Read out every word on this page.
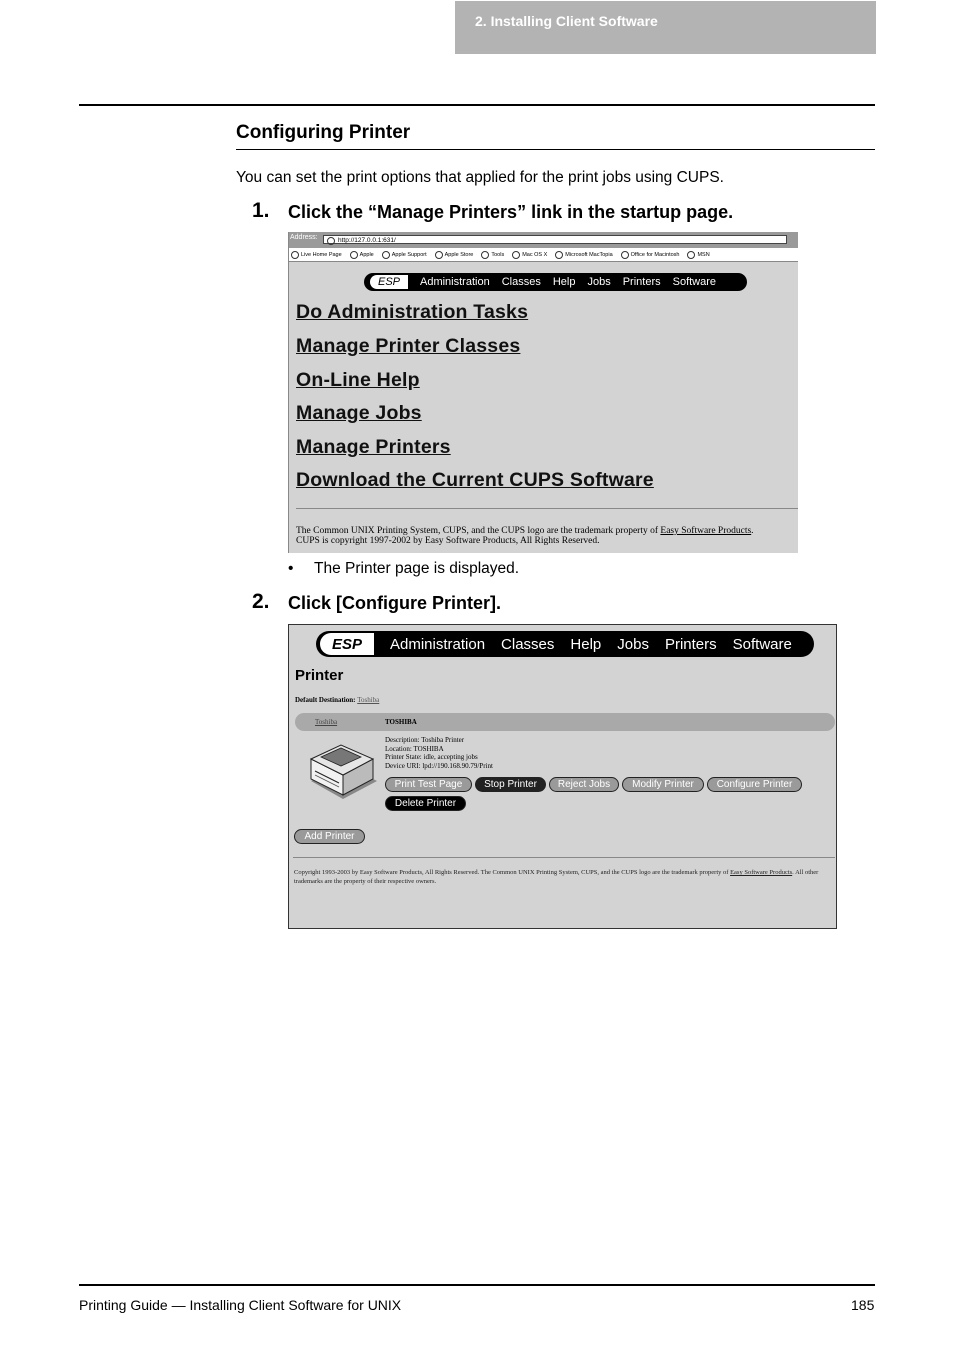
2. Installing Client Software
Configuring Printer
You can set the print options that applied for the print jobs using CUPS.
1. Click the “Manage Printers” link in the startup page.
Address:	http://127.0.0.1:631/
Live Home Page	Apple	Apple Support	Apple Store	Tools	Mac OS X	Microsoft MacTopia	Office for Macintosh	MSN
ESP	Administration Classes Help Jobs Printers Software
Do Administration Tasks
Manage Printer Classes
On-Line Help
Manage Jobs
Manage Printers
Download the Current CUPS Software
The Common UNIX Printing System, CUPS, and the CUPS logo are the trademark property of Easy Software Products.
CUPS is copyright 1997-2002 by Easy Software Products, All Rights Reserved.
• The Printer page is displayed.
2. Click [Configure Printer].
ESP	Administration Classes Help Jobs Printers Software
Printer
Default Destination: Toshiba
Toshiba	TOSHIBA
Description: Toshiba Printer
Location: TOSHIBA
Printer State: idle, accepting jobs
Device URI: lpd://190.168.90.79/Print
Print Test Page	Stop Printer	Reject Jobs	Modify Printer	Configure Printer
Delete Printer
Add Printer
Copyright 1993-2003 by Easy Software Products, All Rights Reserved. The Common UNIX Printing System, CUPS, and the CUPS logo are the trademark property of Easy Software Products. All other trademarks are the property of their respective owners.
Printing Guide — Installing Client Software for UNIX	185
